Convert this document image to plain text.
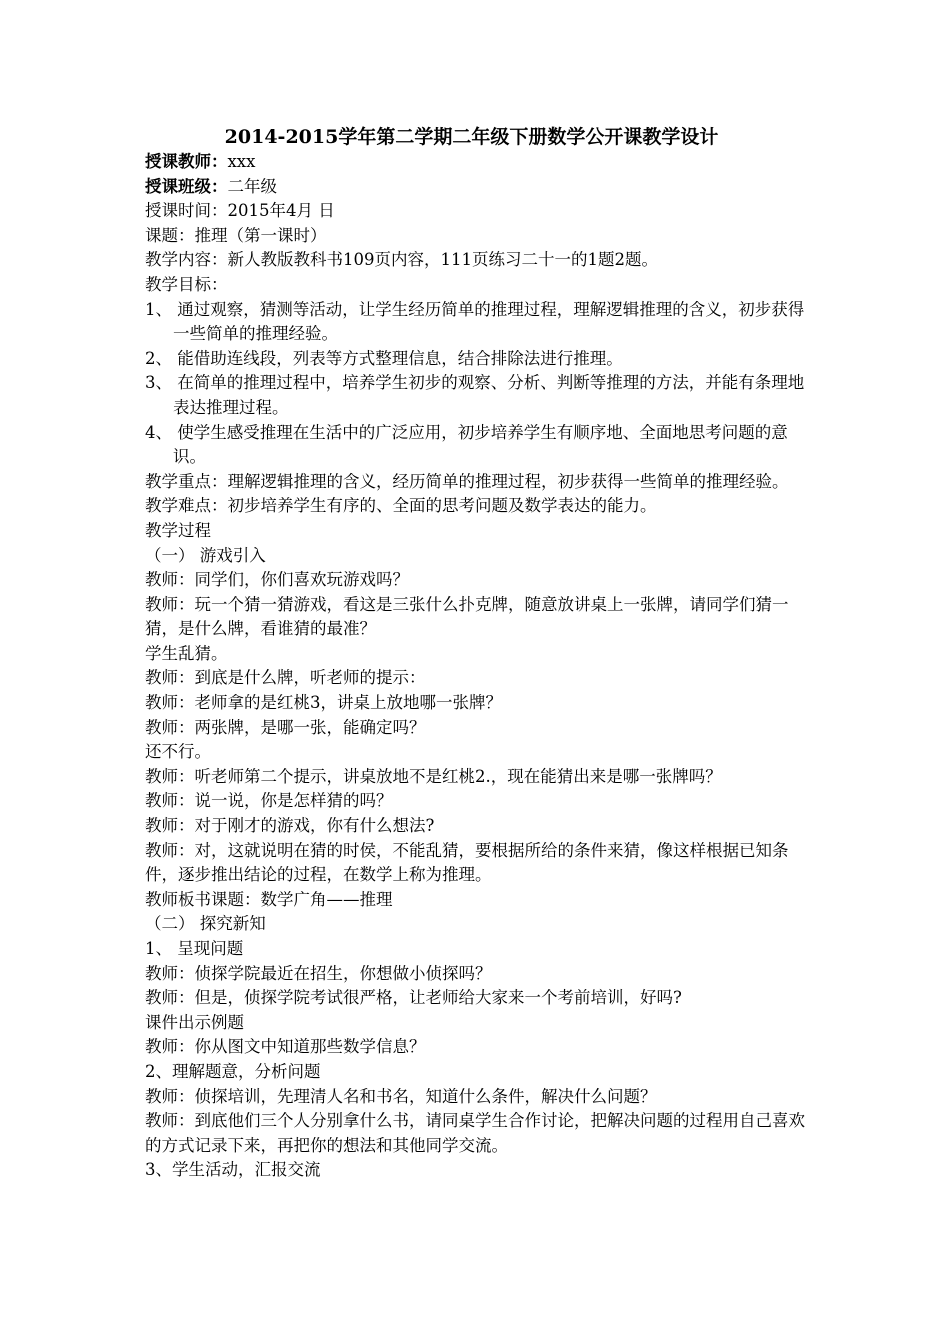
2014-2015学年第二学期二年级下册数学公开课教学设计

授课教师：xxx

授课班级：二年级

授课时间：2015年4月 日

课题：推理（第一课时）

教学内容：新人教版教科书109页内容，111页练习二十一的1题2题。

教学目标：

1、 通过观察，猜测等活动，让学生经历简单的推理过程，理解逻辑推理的含义，初步获得一些简单的推理经验。

2、 能借助连线段，列表等方式整理信息，结合排除法进行推理。

3、 在简单的推理过程中，培养学生初步的观察、分析、判断等推理的方法，并能有条理地表达推理过程。

4、 使学生感受推理在生活中的广泛应用，初步培养学生有顺序地、全面地思考问题的意识。

教学重点：理解逻辑推理的含义，经历简单的推理过程，初步获得一些简单的推理经验。

教学难点：初步培养学生有序的、全面的思考问题及数学表达的能力。

教学过程

（一） 游戏引入

教师：同学们，你们喜欢玩游戏吗？

教师：玩一个猜一猜游戏，看这是三张什么扑克牌，随意放讲桌上一张牌，请同学们猜一猜，是什么牌，看谁猜的最准？

学生乱猜。

教师：到底是什么牌，听老师的提示：

教师：老师拿的是红桃3，讲桌上放地哪一张牌？

教师：两张牌，是哪一张，能确定吗？

还不行。

教师：听老师第二个提示，讲桌放地不是红桃2.，现在能猜出来是哪一张牌吗？

教师：说一说，你是怎样猜的吗？

教师：对于刚才的游戏，你有什么想法?

教师：对，这就说明在猜的时侯，不能乱猜，要根据所给的条件来猜，像这样根据已知条件，逐步推出结论的过程，在数学上称为推理。

教师板书课题：数学广角——推理

（二） 探究新知

1、 呈现问题

教师：侦探学院最近在招生，你想做小侦探吗？

教师：但是，侦探学院考试很严格，让老师给大家来一个考前培训，好吗?

课件出示例题

教师：你从图文中知道那些数学信息？

2、理解题意，分析问题

教师：侦探培训，先理清人名和书名，知道什么条件，解决什么问题？

教师：到底他们三个人分别拿什么书，请同桌学生合作讨论，把解决问题的过程用自己喜欢的方式记录下来，再把你的想法和其他同学交流。

3、学生活动，汇报交流
